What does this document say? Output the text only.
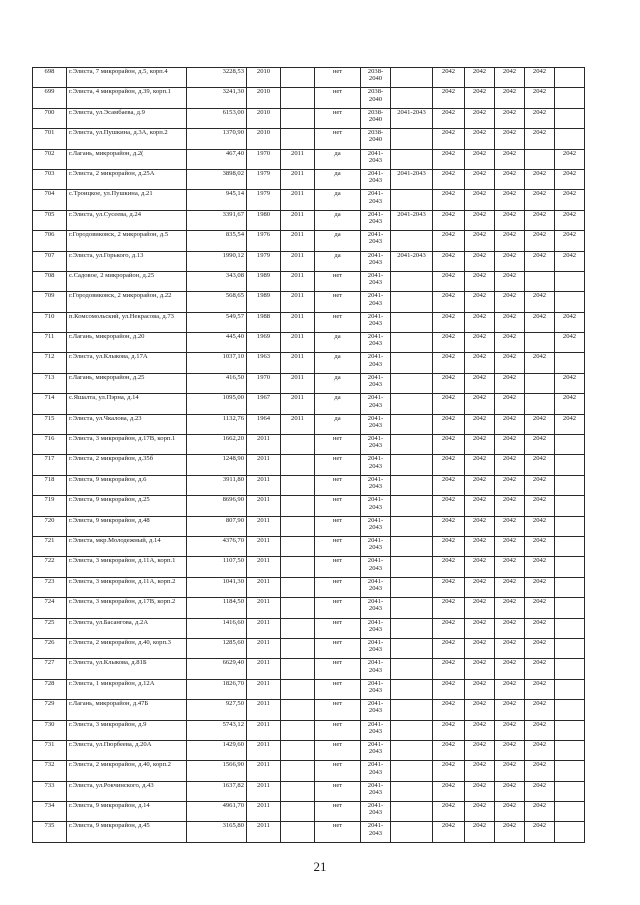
698	г.Элиста, 7 микрорайон, д.5, корп.4	3228,53	2010		нет	2038-2040		2042	2042	2042	2042	
699	г.Элиста, 4 микрорайон, д.39, корп.1	3241,30	2010		нет	2038-2040		2042	2042	2042	2042	
700	г.Элиста, ул.Эсамбаева, д.9	6153,00	2010		нет	2038-2040	2041-2043	2042	2042	2042	2042	
701	г.Элиста, ул.Пушкина, д.3А, корп.2	1370,90	2010		нет	2038-2040		2042	2042	2042	2042	
702	г.Лагань, микрорайон, д.2(	467,40	1970	2011	да	2041-2043		2042	2042	2042		2042
703	г.Элиста, 2 микрорайон, д.25А	3898,02	1979	2011	да	2041-2043	2041-2043	2042	2042	2042	2042	2042
704	с.Троицкое, ул.Пушкина, д.21	945,14	1979	2011	да	2041-2043		2042	2042	2042	2042	2042
705	г.Элиста, ул.Сусеева, д.24	3391,67	1980	2011	да	2041-2043	2041-2043	2042	2042	2042	2042	2042
706	г.Городовиковск, 2 микрорайон, д.5	835,54	1976	2011	да	2041-2043		2042	2042	2042	2042	2042
707	г.Элиста, ул.Горького, д.13	1990,12	1979	2011	да	2041-2043	2041-2043	2042	2042	2042	2042	2042
708	с.Садовое, 2 микрорайон, д.25	343,08	1989	2011	нет	2041-2043		2042	2042	2042		
709	г.Городовиковск, 2 микрорайон, д.22	568,65	1989	2011	нет	2041-2043		2042	2042	2042	2042	
710	п.Комсомольский, ул.Некрасова, д.73	549,57	1988	2011	нет	2041-2043		2042	2042	2042	2042	2042
711	г.Лагань, микрорайон, д.20	445,40	1969	2011	да	2041-2043		2042	2042	2042		2042
712	г.Элиста, ул.Клыкова, д.17А	1037,10	1963	2011	да	2041-2043		2042	2042	2042	2042	
713	г.Лагань, микрорайон, д.25	416,50	1970	2011	да	2041-2043		2042	2042	2042		2042
714	с.Яшалта, ул.Пэрна, д.14	1095,00	1967	2011	да	2041-2043		2042	2042	2042		2042
715	г.Элиста, ул.Чкалова, д.23	1132,76	1964	2011	да	2041-2043		2042	2042	2042	2042	2042
716	г.Элиста, 3 микрорайон, д.17В, корп.1	1662,20	2011		нет	2041-2043		2042	2042	2042	2042	
717	г.Элиста, 2 микрорайон, д.35б	1248,90	2011		нет	2041-2043		2042	2042	2042	2042	
718	г.Элиста, 9 микрорайон, д.6	3911,80	2011		нет	2041-2043		2042	2042	2042	2042	
719	г.Элиста, 9 микрорайон, д.25	8696,90	2011		нет	2041-2043		2042	2042	2042	2042	
720	г.Элиста, 9 микрорайон, д.48	807,90	2011		нет	2041-2043		2042	2042	2042	2042	
721	г.Элиста, мкр.Молодежный, д.14	4376,70	2011		нет	2041-2043		2042	2042	2042	2042	
722	г.Элиста, 3 микрорайон, д.11А, корп.1	1107,50	2011		нет	2041-2043		2042	2042	2042	2042	
723	г.Элиста, 3 микрорайон, д.11А, корп.2	1041,30	2011		нет	2041-2043		2042	2042	2042	2042	
724	г.Элиста, 3 микрорайон, д.17В, корп.2	1184,50	2011		нет	2041-2043		2042	2042	2042	2042	
725	г.Элиста, ул.Басангова, д.2А	1416,60	2011		нет	2041-2043		2042	2042	2042	2042	
726	г.Элиста, 2 микрорайон, д.40, корп.3	1285,60	2011		нет	2041-2043		2042	2042	2042	2042	
727	г.Элиста, ул.Клыкова, д.81Б	6629,40	2011		нет	2041-2043		2042	2042	2042	2042	
728	г.Элиста, 1 микрорайон, д.12А	1826,70	2011		нет	2041-2043		2042	2042	2042	2042	
729	г.Лагань, микрорайон, д.47Б	927,50	2011		нет	2041-2043		2042	2042	2042	2042	
730	г.Элиста, 3 микрорайон, д.9	5743,12	2011		нет	2041-2043		2042	2042	2042	2042	
731	г.Элиста, ул.Пюрбеева, д.20А	1429,60	2011		нет	2041-2043		2042	2042	2042	2042	
732	г.Элиста, 2 микрорайон, д.40, корп.2	1566,90	2011		нет	2041-2043		2042	2042	2042	2042	
733	г.Элиста, ул.Рокчинского, д.43	1637,82	2011		нет	2041-2043		2042	2042	2042	2042	
734	г.Элиста, 9 микрорайон, д.14	4961,70	2011		нет	2041-2043		2042	2042	2042	2042	
735	г.Элиста, 9 микрорайон, д.45	3165,80	2011		нет	2041-2043		2042	2042	2042	2042	
21
